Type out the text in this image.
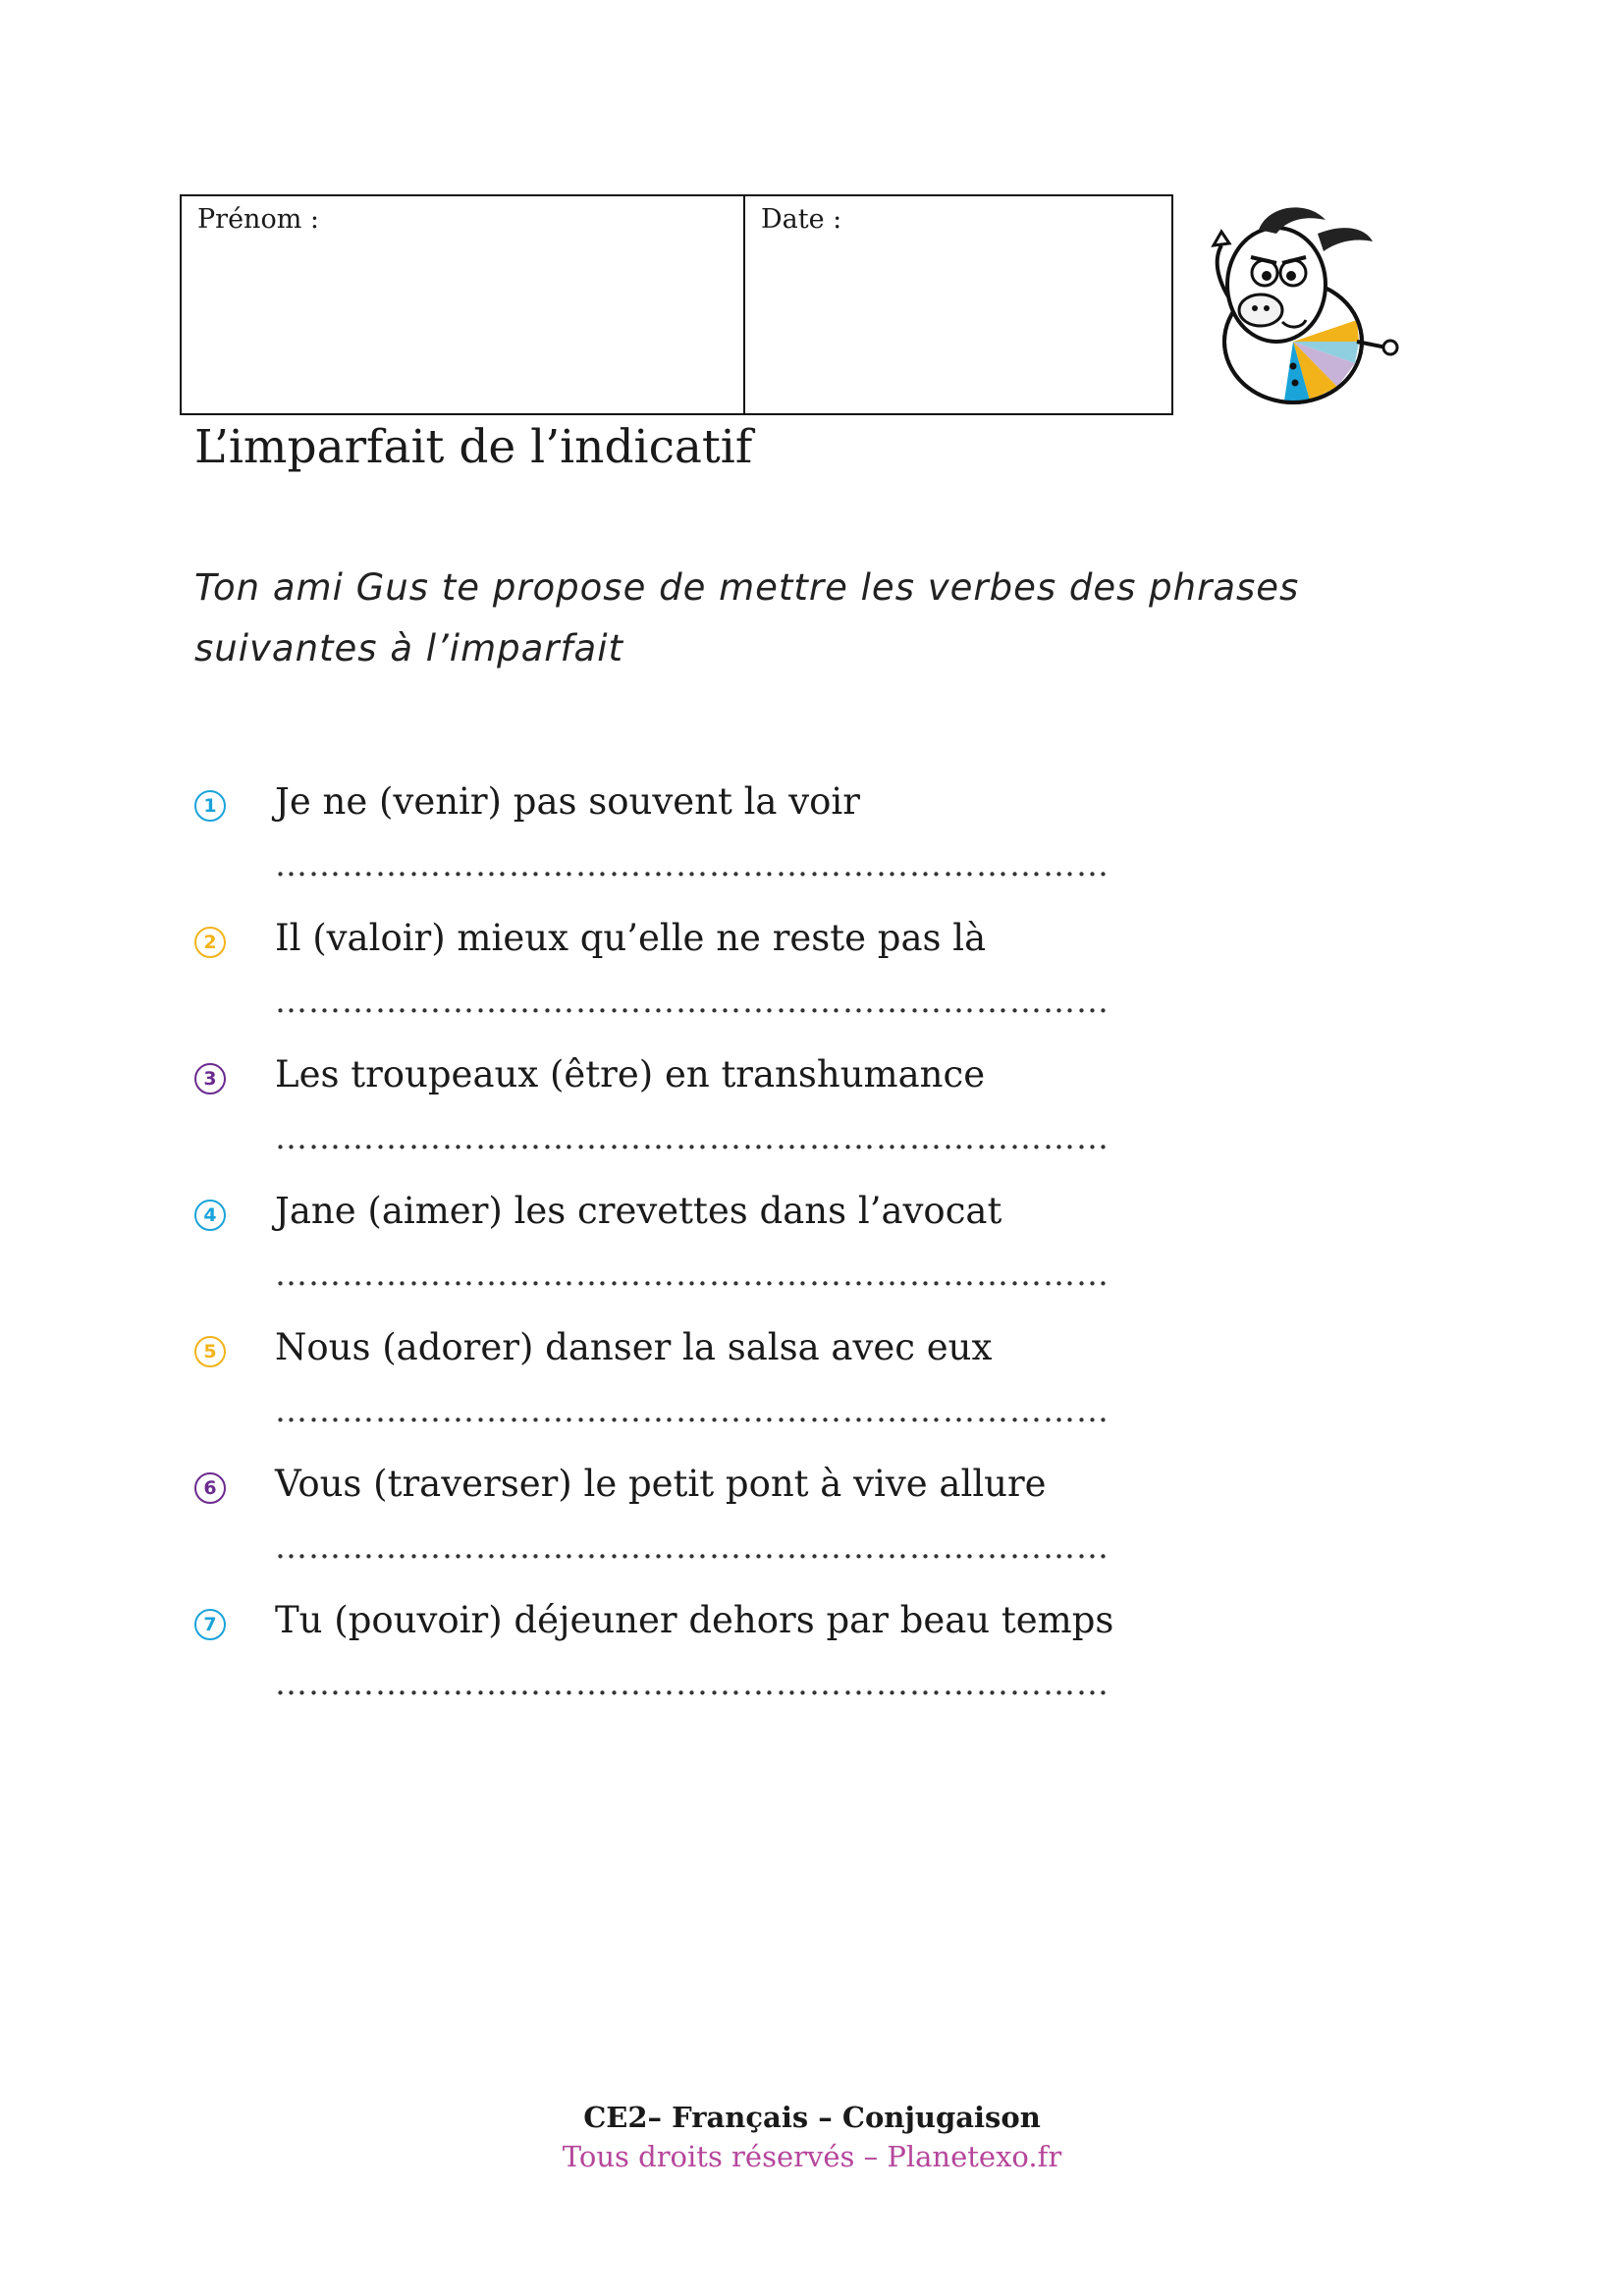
Prénom :	Date :
L’imparfait de l’indicatif
Ton ami Gus te propose de mettre les verbes des phrases suivantes à l’imparfait
1 Je ne (venir) pas souvent la voir
…………………………………………………………………
2 Il (valoir) mieux qu’elle ne reste pas là
…………………………………………………………………
3 Les troupeaux (être) en transhumance
…………………………………………………………………
4 Jane (aimer) les crevettes dans l’avocat
…………………………………………………………………
5 Nous (adorer) danser la salsa avec eux
…………………………………………………………………
6 Vous (traverser) le petit pont à vive allure
…………………………………………………………………
7 Tu (pouvoir) déjeuner dehors par beau temps
…………………………………………………………………
CE2– Français – Conjugaison
Tous droits réservés – Planetexo.fr
